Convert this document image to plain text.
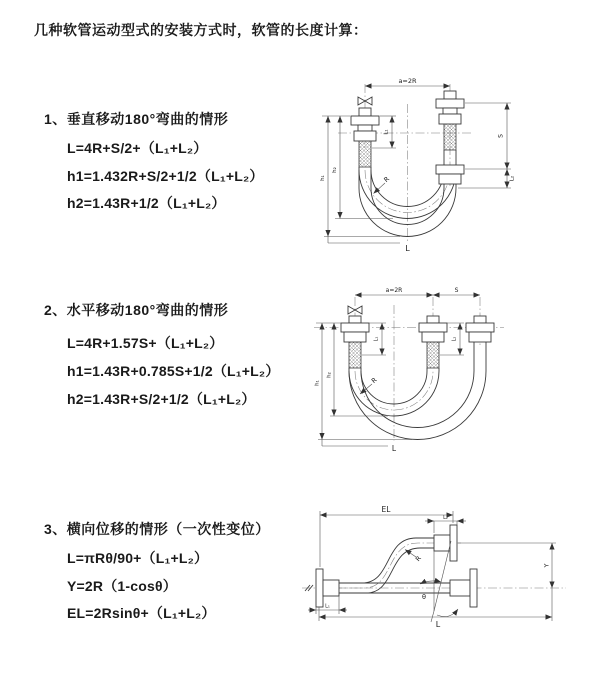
几种软管运动型式的安装方式时，软管的长度计算：
1、垂直移动180°弯曲的情形
L=4R+S/2+（L₁+L₂）
h1=1.432R+S/2+1/2（L₁+L₂）
h2=1.43R+1/2（L₁+L₂）
2、水平移动180°弯曲的情形
L=4R+1.57S+（L₁+L₂）
h1=1.43R+0.785S+1/2（L₁+L₂）
h2=1.43R+S/2+1/2（L₁+L₂）
3、横向位移的情形（一次性变位）
L=πRθ/90+（L₁+L₂）
Y=2R（1-cosθ）
EL=2Rsinθ+（L₁+L₂）
a=2R
S
L₂
L₁
h₁
h₂
R
L
a=2R	S
h₁
h₂
L₁	L₂
R
L
EL
L₂
Y
L
L₁
R
θ
